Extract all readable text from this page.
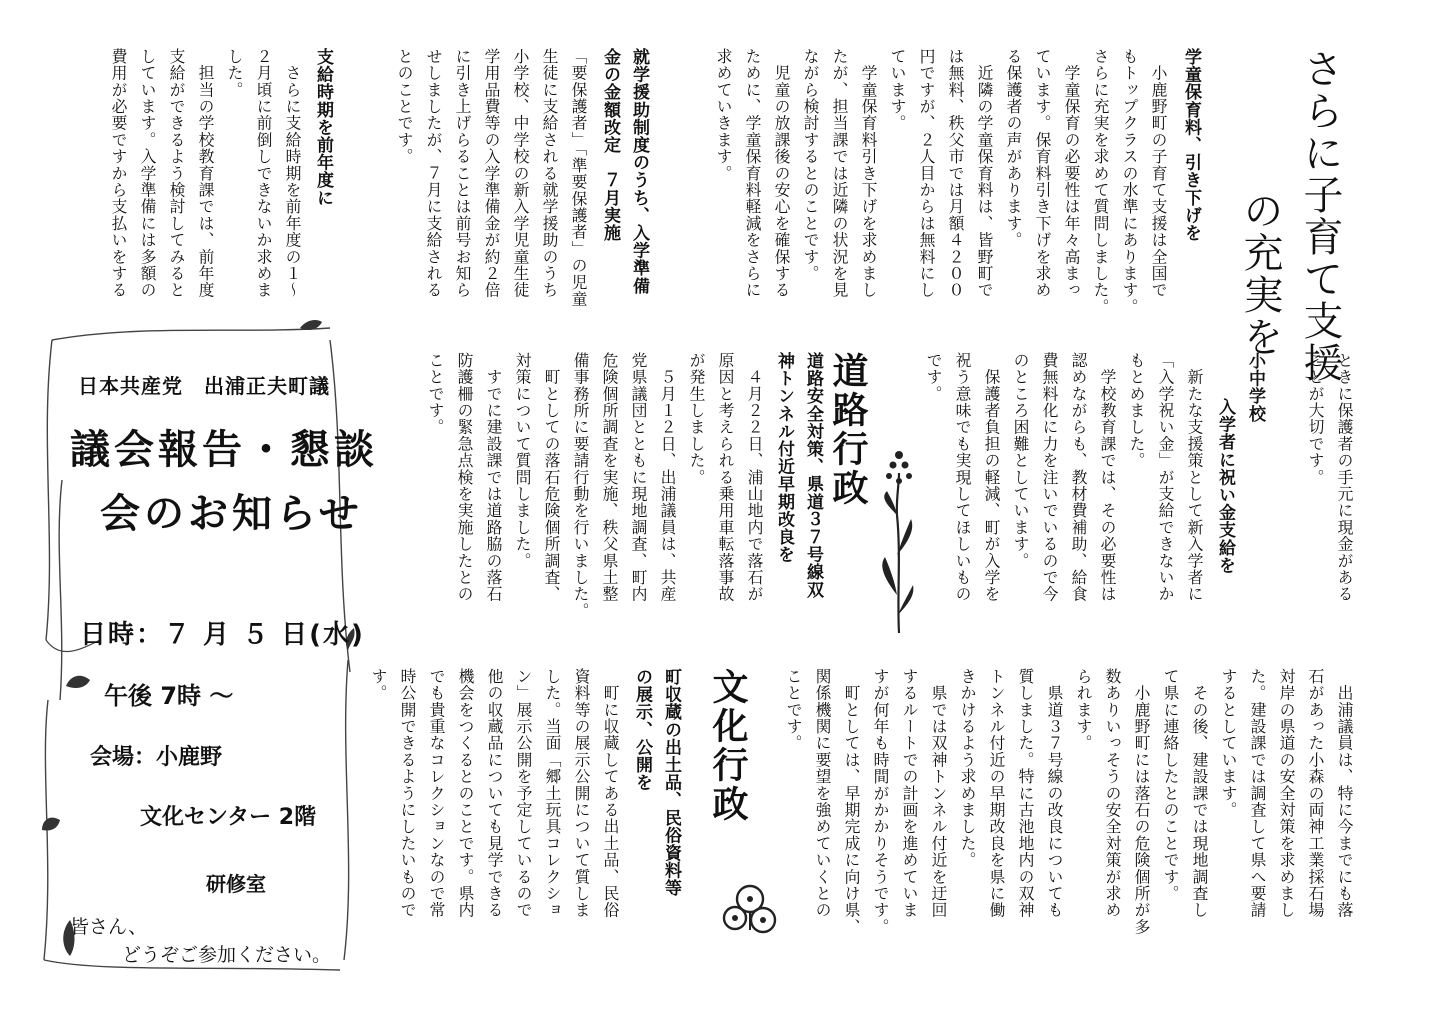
さらに子育て支援
の充実を
学童保育料、引き下げを
　小鹿野町の子育て支援は全国で
もトップクラスの水準にあります。
さらに充実を求めて質問しました。
　学童保育の必要性は年々高まっ
ています。保育料引き下げを求め
る保護者の声があります。
　近隣の学童保育料は、皆野町で
は無料、秩父市では月額４２００
円ですが、２人目からは無料にし
ています。
　学童保育料引き下げを求めまし
たが、担当課では近隣の状況を見
ながら検討するとのことです。
　児童の放課後の安心を確保する
ために、学童保育料軽減をさらに
求めていきます。
就学援助制度のうち、入学準備
金の金額改定　７月実施
「要保護者」「準要保護者」の児童
生徒に支給される就学援助のうち
小学校、中学校の新入学児童生徒
学用品費等の入学準備金が約２倍
に引き上げらることは前号お知ら
せしましたが、７月に支給される
とのことです。
支給時期を前年度に
　さらに支給時期を前年度の１～
２月頃に前倒しできないか求めま
した。
　担当の学校教育課では、前年度
支給ができるよう検討してみると
しています。入学準備には多額の
費用が必要ですから支払いをする
ときに保護者の手元に現金がある
ことが大切です。
小中学校
入学者に祝い金支給を
　新たな支援策として新入学者に
「入学祝い金」が支給できないか
もとめました。
　学校教育課では、その必要性は
認めながらも、教材費補助、給食
費無料化に力を注いでいるので今
のところ困難としています。
　保護者負担の軽減、町が入学を
祝う意味でも実現してほしいもの
です。
道路行政
道路安全対策、県道３７号線双
神トンネル付近早期改良を
　４月２２日、浦山地内で落石が
原因と考えられる乗用車転落事故
が発生しました。
　５月１２日、出浦議員は、共産
党県議団とともに現地調査、町内
危険個所調査を実施、秩父県土整
備事務所に要請行動を行いました。
　町としての落石危険個所調査、
対策について質問しました。
　すでに建設課では道路脇の落石
防護柵の緊急点検を実施したとの
ことです。
　出浦議員は、特に今までにも落
石があった小森の両神工業採石場
対岸の県道の安全対策を求めまし
た。建設課では調査して県へ要請
するとしています。
　その後、建設課では現地調査し
て県に連絡したとのことです。
　小鹿野町には落石の危険個所が多
数ありいっそうの安全対策が求め
られます。
　県道３７号線の改良についても
質しました。特に古池地内の双神
トンネル付近の早期改良を県に働
きかけるよう求めました。
　県では双神トンネル付近を迂回
するルートでの計画を進めていま
すが何年も時間がかかりそうです。
　町としては、早期完成に向け県、
関係機関に要望を強めていくとの
ことです。
文化行政
町収蔵の出土品、民俗資料等
の展示、公開を
　町に収蔵してある出土品、民俗
資料等の展示公開について質しま
した。当面「郷土玩具コレクショ
ン」展示公開を予定しているので
他の収蔵品についても見学できる
機会をつくるとのことです。県内
でも貴重なコレクションなので常
時公開できるようにしたいもので
す。
日本共産党　出浦正夫町議
議会報告・懇談
会のお知らせ
日時：７ 月 ５ 日(水)
午後 7時 ～
会場：小鹿野
文化センター 2階
研修室
皆さん、
どうぞご参加ください。
